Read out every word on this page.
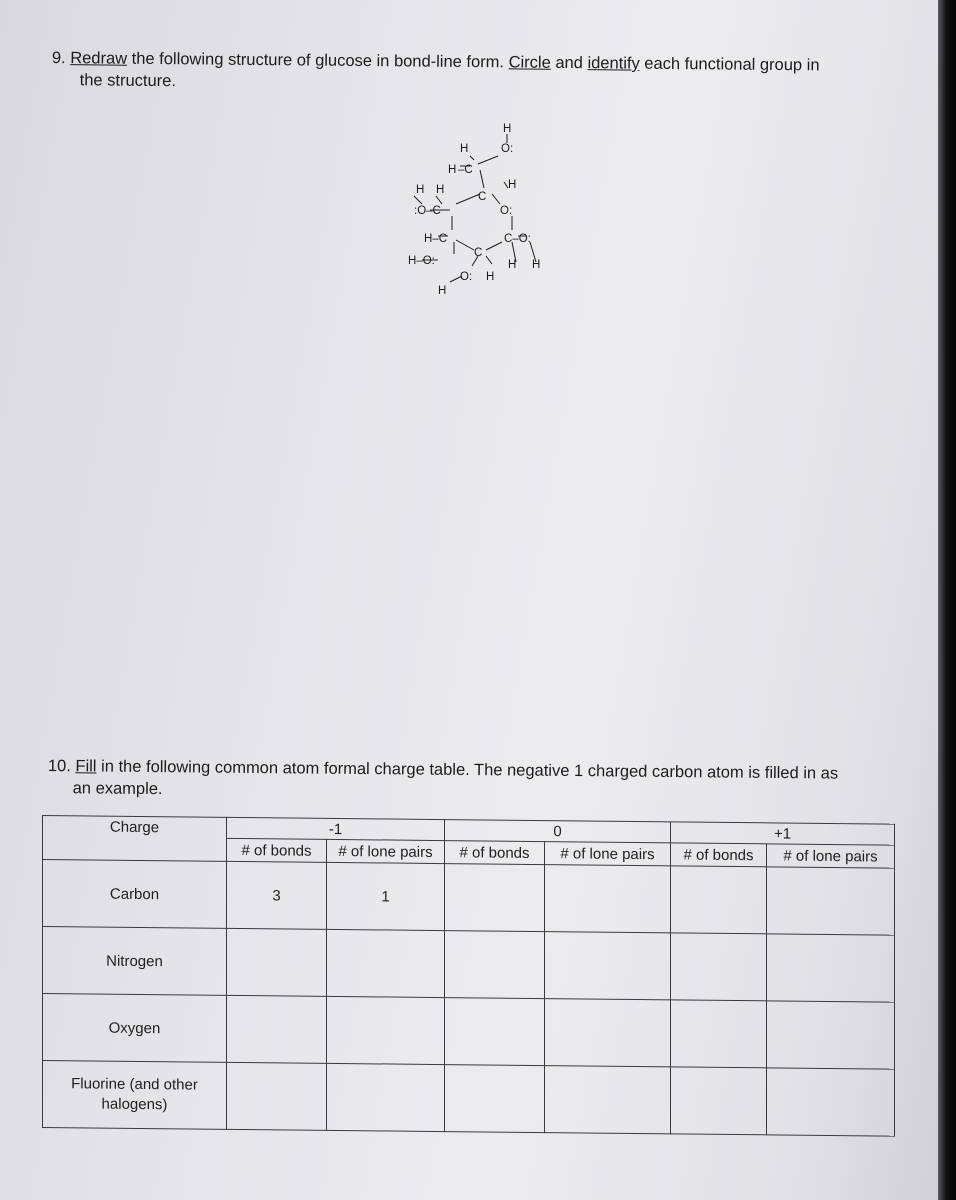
9. Redraw the following structure of glucose in bond-line form. Circle and identify each functional group in
the structure.
H
H
H –C
O:
H H	H
C
:O–C	O:
H–C	C–O:
C
H–O:	H H
O: H
H
10. Fill in the following common atom formal charge table. The negative 1 charged carbon atom is filled in as
an example.
Charge	-1		0		+1	
	# of bonds	# of lone pairs	# of bonds	# of lone pairs	# of bonds	# of lone pairs
Carbon	3	1				
Nitrogen						
Oxygen						
Fluorine (and other halogens)						
